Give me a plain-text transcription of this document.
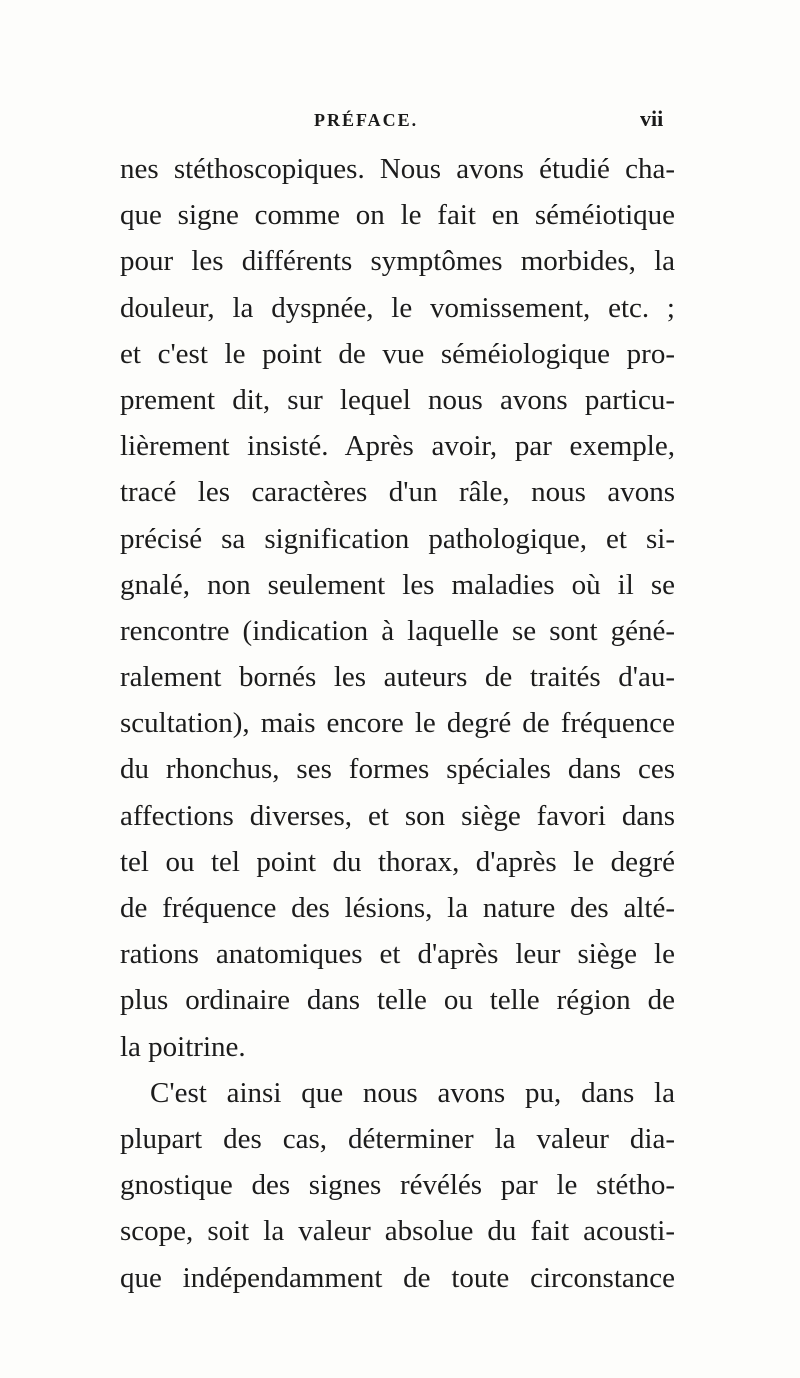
PRÉFACE.	vii
nes stéthoscopiques. Nous avons étudié cha-
que signe comme on le fait en séméiotique
pour les différents symptômes morbides, la
douleur, la dyspnée, le vomissement, etc. ;
et c'est le point de vue séméiologique pro-
prement dit, sur lequel nous avons particu-
lièrement insisté. Après avoir, par exemple,
tracé les caractères d'un râle, nous avons
précisé sa signification pathologique, et si-
gnalé, non seulement les maladies où il se
rencontre (indication à laquelle se sont géné-
ralement bornés les auteurs de traités d'au-
scultation), mais encore le degré de fréquence
du rhonchus, ses formes spéciales dans ces
affections diverses, et son siège favori dans
tel ou tel point du thorax, d'après le degré
de fréquence des lésions, la nature des alté-
rations anatomiques et d'après leur siège le
plus ordinaire dans telle ou telle région de
la poitrine.
C'est ainsi que nous avons pu, dans la
plupart des cas, déterminer la valeur dia-
gnostique des signes révélés par le stétho-
scope, soit la valeur absolue du fait acousti-
que indépendamment de toute circonstance
